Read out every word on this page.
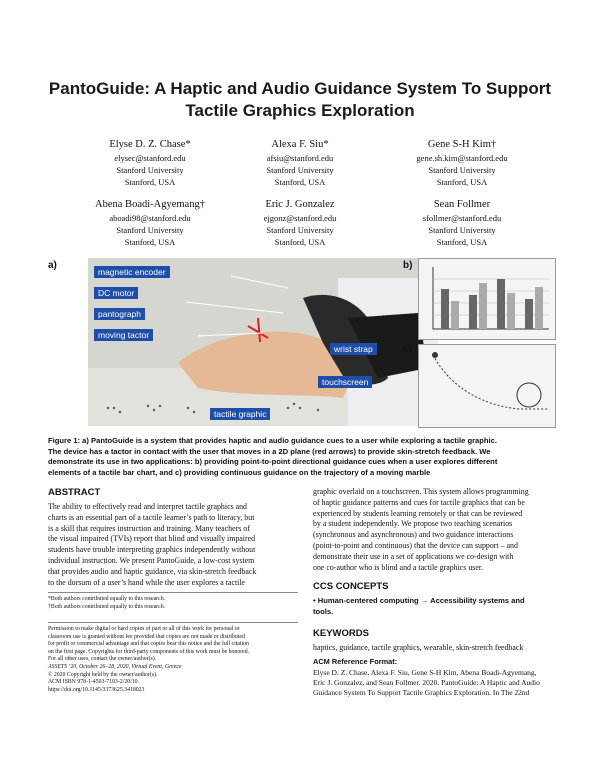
PantoGuide: A Haptic and Audio Guidance System To Support
Tactile Graphics Exploration
Elyse D. Z. Chase*
elysec@stanford.edu
Stanford University
Stanford, USA
Alexa F. Siu*
afsiu@stanford.edu
Stanford University
Stanford, USA
Gene S-H Kim†
gene.sh.kim@stanford.edu
Stanford University
Stanford, USA
Abena Boadi-Agyemang†
aboadi98@stanford.edu
Stanford University
Stanford, USA
Eric J. Gonzalez
ejgonz@stanford.edu
Stanford University
Stanford, USA
Sean Follmer
sfollmer@stanford.edu
Stanford University
Stanford, USA
a)
magnetic encoder
DC motor
pantograph
moving tactor
wrist strap
touchscreen
tactile graphic
b)
c)
Figure 1: a) PantoGuide is a system that provides haptic and audio guidance cues to a user while exploring a tactile graphic.
The device has a tactor in contact with the user that moves in a 2D plane (red arrows) to provide skin-stretch feedback. We
demonstrate its use in two applications: b) providing point-to-point directional guidance cues when a user explores different
elements of a tactile bar chart, and c) providing continuous guidance on the trajectory of a moving marble
ABSTRACT
The ability to effectively read and interpret tactile graphics and
charts is an essential part of a tactile learner’s path to literacy, but
is a skill that requires instruction and training. Many teachers of
the visual impaired (TVIs) report that blind and visually impaired
students have trouble interpreting graphics independently without
individual instruction. We present PantoGuide, a low-cost system
that provides audio and haptic guidance, via skin-stretch feedback
to the dorsum of a user’s hand while the user explores a tactile
*Both authors contributed equally to this research.
†Both authors contributed equally to this research.
Permission to make digital or hard copies of part or all of this work for personal or
classroom use is granted without fee provided that copies are not made or distributed
for profit or commercial advantage and that copies bear this notice and the full citation
on the first page. Copyrights for third-party components of this work must be honored.
For all other uses, contact the owner/author(s).
ASSETS ’20, October 26–28, 2020, Virtual Event, Greece
© 2020 Copyright held by the owner/author(s).
ACM ISBN 978-1-4503-7103-2/20/10.
https://doi.org/10.1145/3373625.3418023
graphic overlaid on a touchscreen. This system allows programming
of haptic guidance patterns and cues for tactile graphics that can be
experienced by students learning remotely or that can be reviewed
by a student independently. We propose two teaching scenarios
(synchronous and asynchronous) and two guidance interactions
(point-to-point and continuous) that the device can support – and
demonstrate their use in a set of applications we co-design with
one co-author who is blind and a tactile graphics user.
CCS CONCEPTS
• Human-centered computing → Accessibility systems and
tools.
KEYWORDS
haptics, guidance, tactile graphics, wearable, skin-stretch feedback
ACM Reference Format:
Elyse D. Z. Chase, Alexa F. Siu, Gene S-H Kim, Abena Boadi-Agyemang,
Eric J. Gonzalez, and Sean Follmer. 2020. PantoGuide: A Haptic and Audio
Guidance System To Support Tactile Graphics Exploration. In The 22nd
